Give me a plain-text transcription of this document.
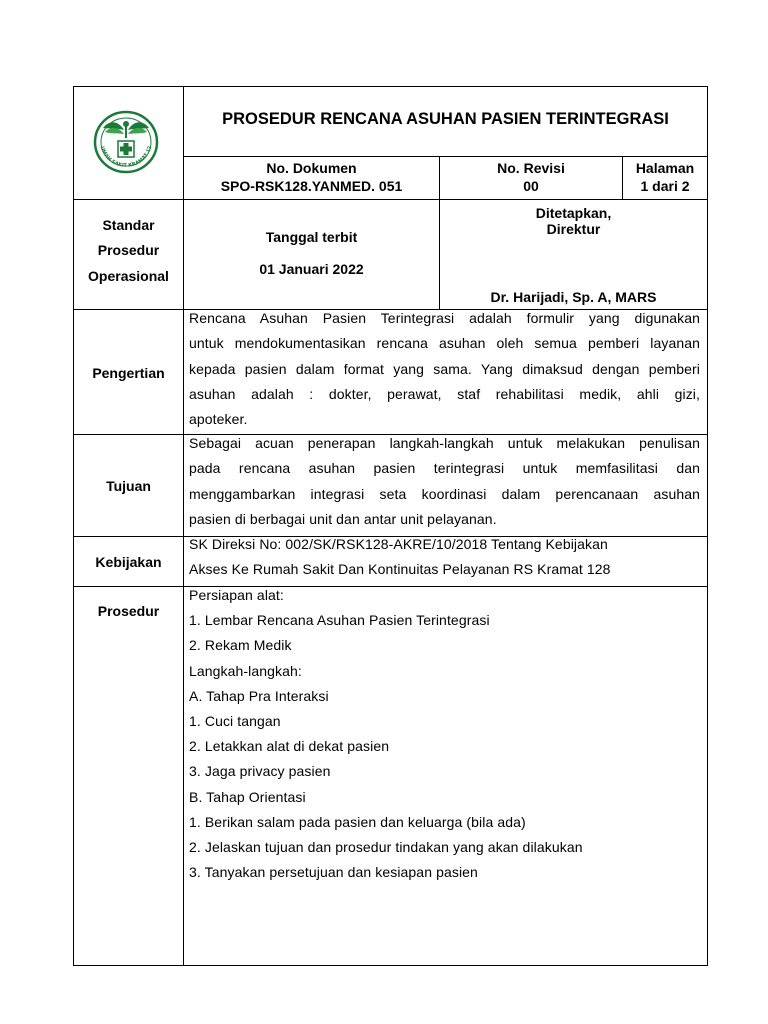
UMAH SAKIT KRAMAT 12
PROSEDUR RENCANA ASUHAN PASIEN TERINTEGRASI
No. Dokumen
SPO-RSK128.YANMED. 051
No. Revisi
00
Halaman
1 dari 2
Standar
Prosedur
Operasional
Tanggal terbit
01 Januari 2022
Ditetapkan,
Direktur
Dr. Harijadi, Sp. A, MARS
Pengertian
Rencana Asuhan Pasien Terintegrasi adalah formulir yang digunakan
untuk mendokumentasikan rencana asuhan oleh semua pemberi layanan
kepada pasien dalam format yang sama. Yang dimaksud dengan pemberi
asuhan adalah : dokter, perawat, staf rehabilitasi medik, ahli gizi,
apoteker.
Tujuan
Sebagai acuan penerapan langkah-langkah untuk melakukan penulisan
pada rencana asuhan pasien terintegrasi untuk memfasilitasi dan
menggambarkan integrasi seta koordinasi dalam perencanaan asuhan
pasien di berbagai unit dan antar unit pelayanan.
Kebijakan
SK Direksi No: 002/SK/RSK128-AKRE/10/2018 Tentang Kebijakan
Akses Ke Rumah Sakit Dan Kontinuitas Pelayanan RS Kramat 128
Prosedur
Persiapan alat:
1. Lembar Rencana Asuhan Pasien Terintegrasi
2. Rekam Medik
Langkah-langkah:
A. Tahap Pra Interaksi
1. Cuci tangan
2. Letakkan alat di dekat pasien
3. Jaga privacy pasien
B. Tahap Orientasi
1. Berikan salam pada pasien dan keluarga (bila ada)
2. Jelaskan tujuan dan prosedur tindakan yang akan dilakukan
3. Tanyakan persetujuan dan kesiapan pasien
